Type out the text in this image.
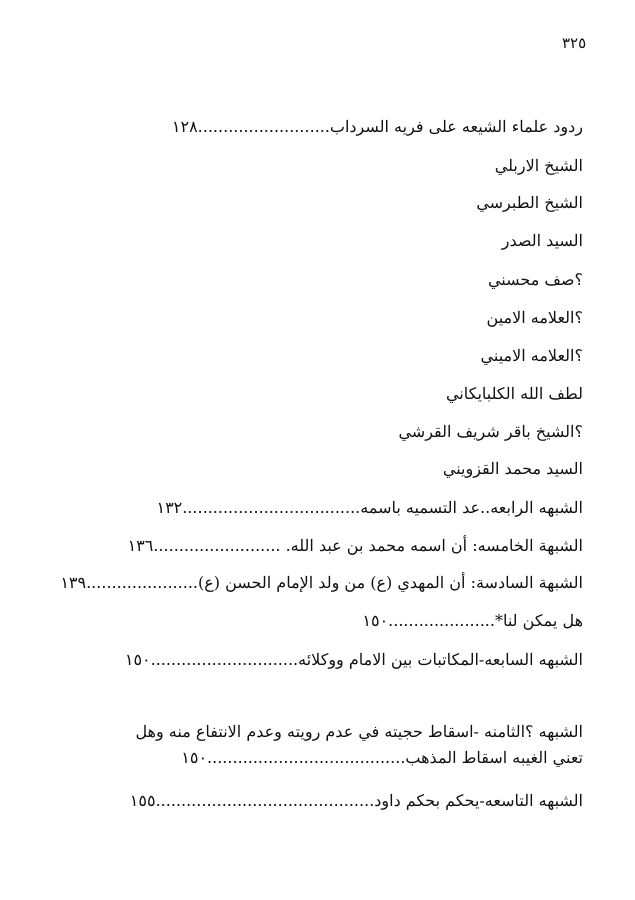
٣٢٥
ردود علماء الشيعه على فريه السرداب..........................١٢٨
الشيخ الاربلي
الشيخ الطبرسي
السيد الصدر
؟صف محسني
؟العلامه الامين
؟العلامه الاميني
لطف الله الكلبايكاني
؟الشيخ باقر شريف القرشي
السيد محمد القزويني
الشبهه الرابعه..عد التسميه باسمه...................................١٣٢
الشبهة الخامسه: أن اسمه محمد بن عبد الله. .........................١٣٦
الشبهة السادسة: أن المهدي (ع) من ولد الإمام الحسن (ع)......................١٣٩
هل يمكن لنا*.....................١٥٠
الشبهه السابعه-المكاتبات بين الامام ووكلائه.............................١٥٠
الشبهه ؟الثامنه -اسقاط حجيته في عدم رويته وعدم الانتفاع منه وهل تعني الغيبه اسقاط المذهب.......................................١٥٠
الشبهه التاسعه-يحكم بحكم داود...........................................١٥٥
